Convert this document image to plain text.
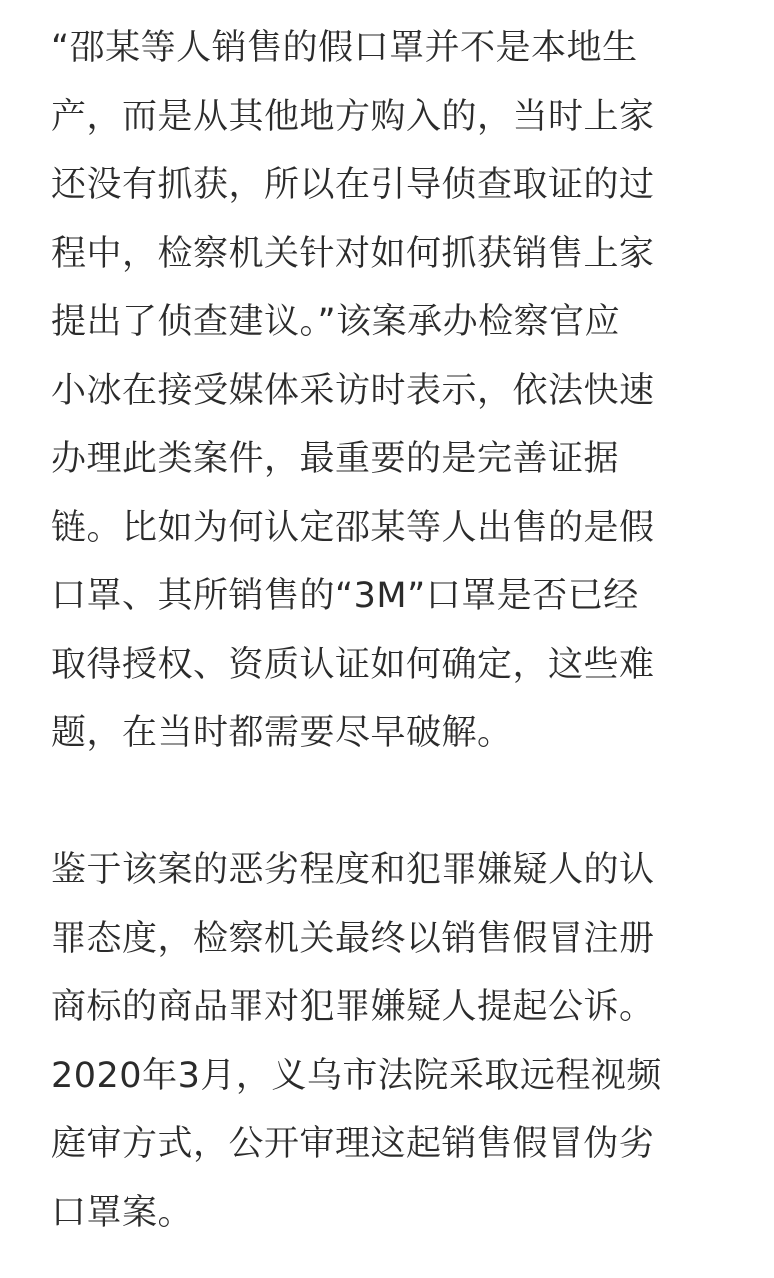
“邵某等人销售的假口罩并不是本地生
产，而是从其他地方购入的，当时上家
还没有抓获，所以在引导侦查取证的过
程中，检察机关针对如何抓获销售上家
提出了侦查建议。”该案承办检察官应
小冰在接受媒体采访时表示，依法快速
办理此类案件，最重要的是完善证据
链。比如为何认定邵某等人出售的是假
口罩、其所销售的“3M”口罩是否已经
取得授权、资质认证如何确定，这些难
题，在当时都需要尽早破解。
鉴于该案的恶劣程度和犯罪嫌疑人的认
罪态度，检察机关最终以销售假冒注册
商标的商品罪对犯罪嫌疑人提起公诉。
2020年3月，义乌市法院采取远程视频
庭审方式，公开审理这起销售假冒伪劣
口罩案。
